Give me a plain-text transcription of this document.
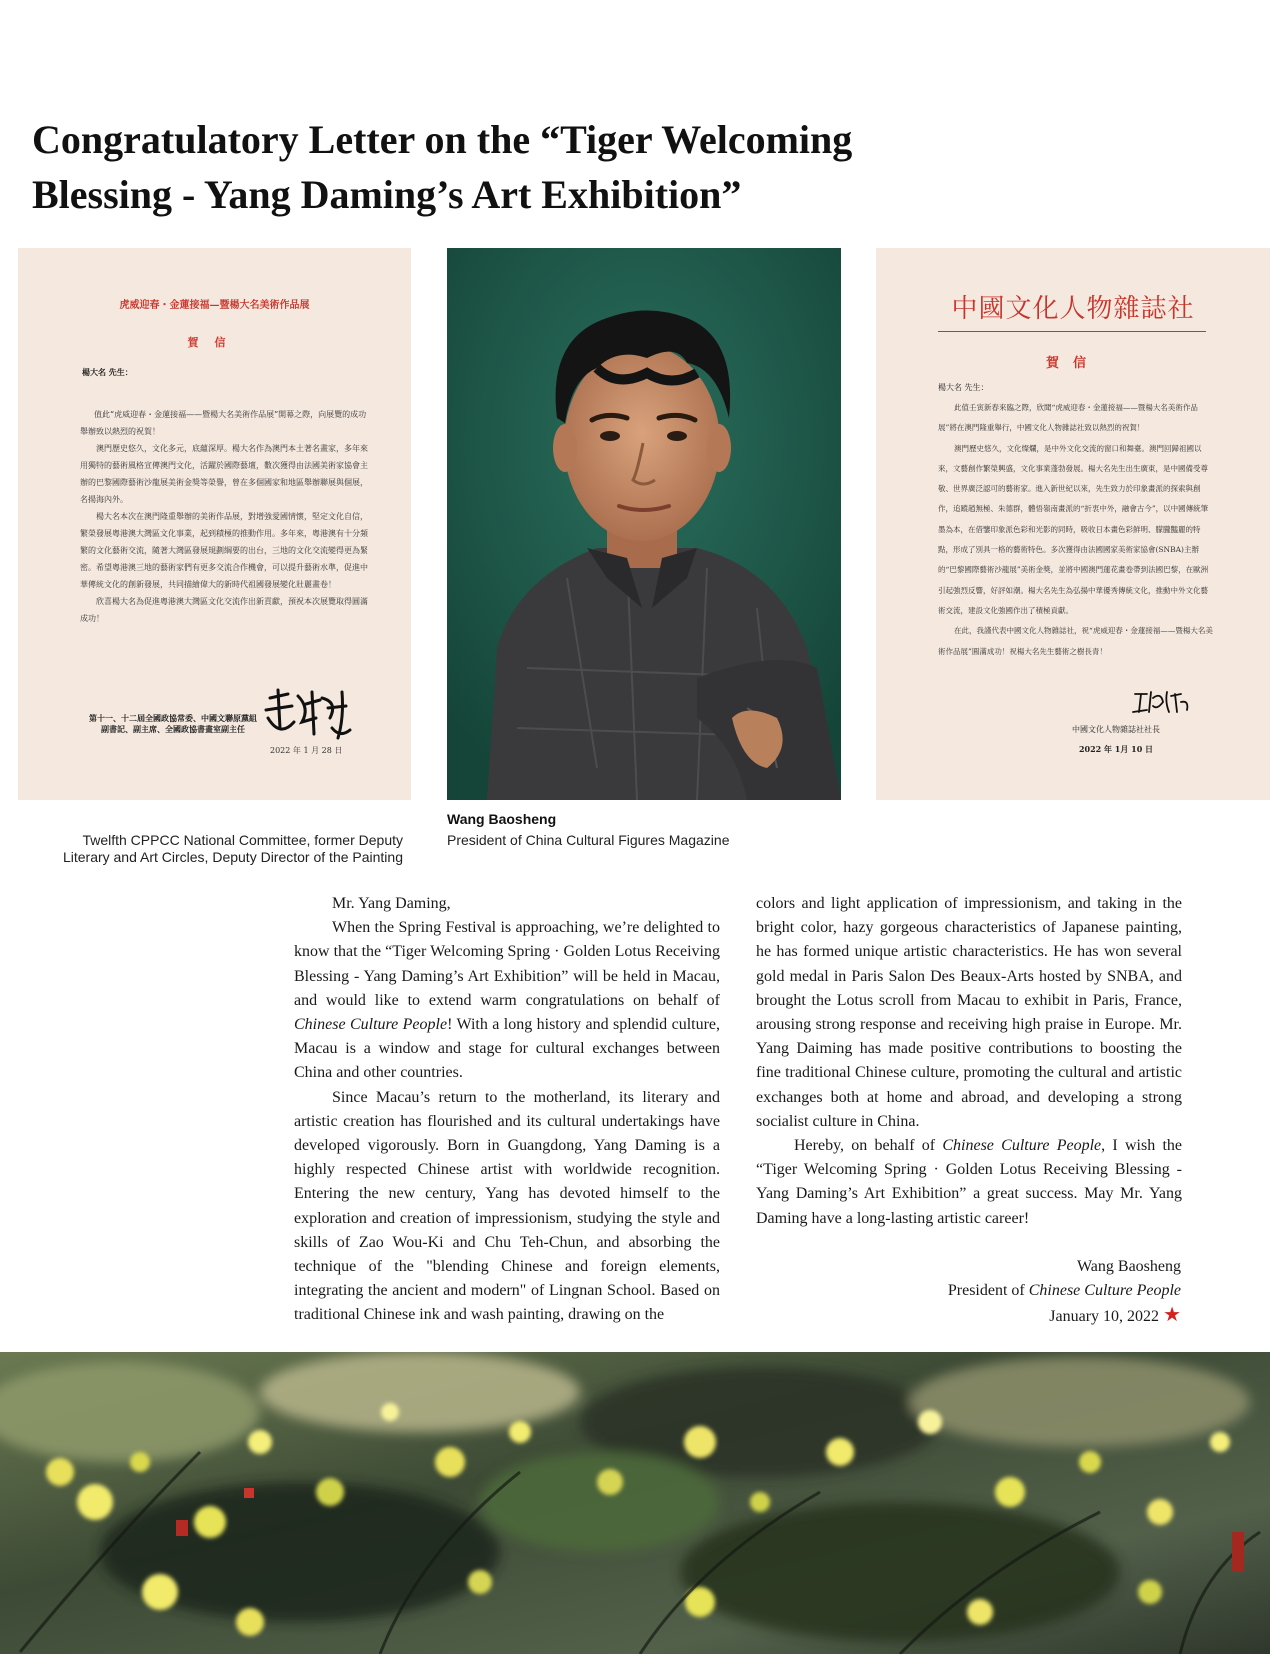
Congratulatory Letter on the “Tiger Welcoming
Blessing - Yang Daming’s Art Exhibition”
虎威迎春・金蓮接福—暨楊大名美術作品展
賀信
楊大名 先生：

值此“虎威迎春・金蓮接福——暨楊大名美術作品展”開幕之際，向展覽的成功舉辦致以熱烈的祝賀！

澳門歷史悠久，文化多元，底蘊深厚。楊大名作為澳門本土著名畫家，多年來用獨特的藝術風格宣傳澳門文化，活躍於國際藝壇，數次獲得由法國美術家協會主辦的巴黎國際藝術沙龍展美術金獎等榮譽，曾在多個國家和地區舉辦聯展與個展，名揚海內外。

楊大名本次在澳門隆重舉辦的美術作品展，對增強愛國情懷，堅定文化自信，繁榮發展粵港澳大灣區文化事業，起到積極的推動作用。多年來，粵港澳有十分頻繁的文化藝術交流，隨著大灣區發展規劃綱要的出台，三地的文化交流變得更為緊密。希望粵港澳三地的藝術家們有更多交流合作機會，可以提升藝術水準，促進中華傳統文化的創新發展，共同描繪偉大的新時代祖國發展變化壯麗畫卷！

欣喜楊大名為促進粵港澳大灣區文化交流作出新貢獻，預祝本次展覽取得圓滿成功！

第十一、十二屆全國政協常委、中國文聯原黨組副書記、副主席、全國政協書畫室副主任
2022 年 1 月 28 日
中國文化人物雜誌社
賀信
楊大名 先生：

此值壬寅新春來臨之際，欣聞“虎威迎春・金蓮接福——暨楊大名美術作品展”將在澳門隆重舉行，中國文化人物雜誌社致以熱烈的祝賀！

澳門歷史悠久，文化燦爛，是中外文化交流的窗口和舞臺。澳門回歸祖國以來，文藝創作繁榮興盛，文化事業蓬勃發展。楊大名先生出生廣東，是中國備受尊敬、世界廣泛認可的藝術家。進入新世紀以來，先生致力於印象畫派的探索與創作，追蹤趙無極、朱德群，體悟嶺南畫派的“折衷中外，融會古今”，以中國傳統筆墨為本，在借鑒印象派色彩和光影的同時，吸收日本畫色彩鮮明、朦朧豔麗的特點，形成了別具一格的藝術特色。多次獲得由法國國家美術家協會(SNBA)主辦的“巴黎國際藝術沙龍展”美術金獎，並將中國澳門蓮花畫卷帶到法國巴黎，在歐洲引起強烈反響，好評如潮。楊大名先生為弘揚中華優秀傳統文化，推動中外文化藝術交流，建設文化強國作出了積極貢獻。

在此，我謹代表中國文化人物雜誌社，祝“虎威迎春・金蓮接福——暨楊大名美術作品展”圓滿成功！祝楊大名先生藝術之樹長青！

中國文化人物雜誌社社長
2022 年 1月 10 日
Twelfth CPPCC National Committee, former Deputy
Literary and Art Circles, Deputy Director of the Painting
Wang Baosheng
President of China Cultural Figures Magazine

Mr. Yang Daming,

When the Spring Festival is approaching, we’re delighted to know that the “Tiger Welcoming Spring · Golden Lotus Receiving Blessing - Yang Daming’s Art Exhibition” will be held in Macau, and would like to extend warm congratulations on behalf of Chinese Culture People! With a long history and splendid culture, Macau is a window and stage for cultural exchanges between China and other countries.

Since Macau’s return to the motherland, its literary and artistic creation has flourished and its cultural undertakings have developed vigorously. Born in Guangdong, Yang Daming is a highly respected Chinese artist with worldwide recognition. Entering the new century, Yang has devoted himself to the exploration and creation of impressionism, studying the style and skills of Zao Wou-Ki and Chu Teh-Chun, and absorbing the technique of the "blending Chinese and foreign elements, integrating the ancient and modern" of Lingnan School. Based on traditional Chinese ink and wash painting, drawing on the

colors and light application of impressionism, and taking in the bright color, hazy gorgeous characteristics of Japanese painting, he has formed unique artistic characteristics. He has won several gold medal in Paris Salon Des Beaux-Arts hosted by SNBA, and brought the Lotus scroll from Macau to exhibit in Paris, France, arousing strong response and receiving high praise in Europe. Mr. Yang Daiming has made positive contributions to boosting the fine traditional Chinese culture, promoting the cultural and artistic exchanges both at home and abroad, and developing a strong socialist culture in China.

Hereby, on behalf of Chinese Culture People, I wish the “Tiger Welcoming Spring · Golden Lotus Receiving Blessing - Yang Daming’s Art Exhibition” a great success. May Mr. Yang Daming have a long-lasting artistic career!

Wang Baosheng
President of Chinese Culture People
January 10, 2022 ★
